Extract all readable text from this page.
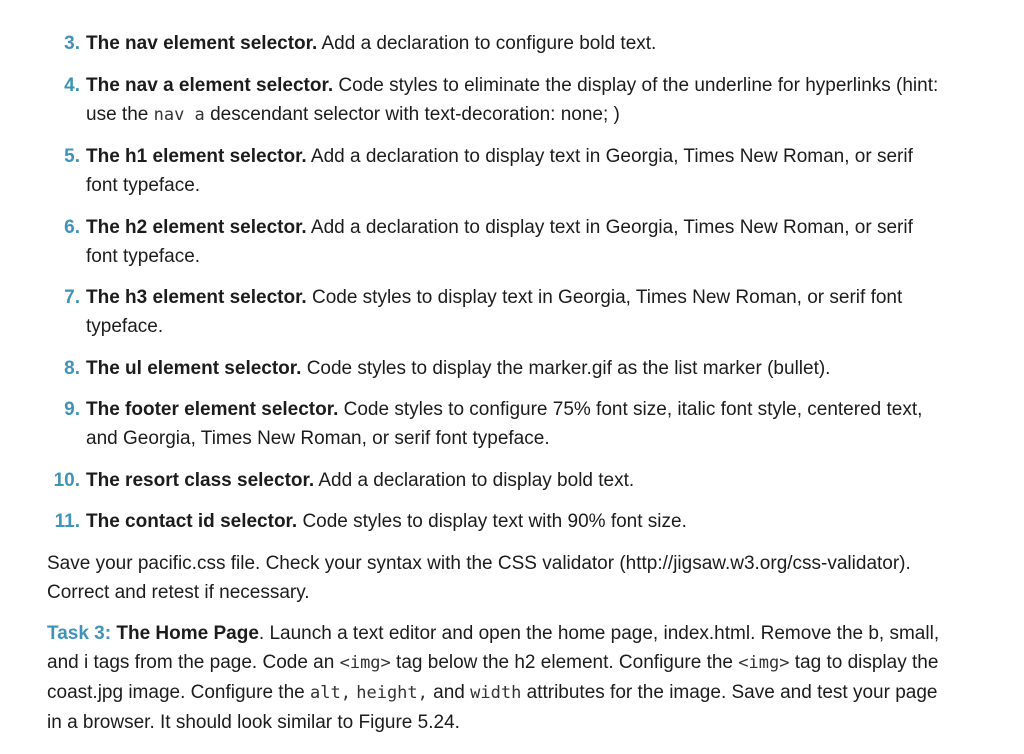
3. The nav element selector. Add a declaration to configure bold text.
4. The nav a element selector. Code styles to eliminate the display of the underline for hyperlinks (hint: use the nav a descendant selector with text-decoration: none; )
5. The h1 element selector. Add a declaration to display text in Georgia, Times New Roman, or serif font typeface.
6. The h2 element selector. Add a declaration to display text in Georgia, Times New Roman, or serif font typeface.
7. The h3 element selector. Code styles to display text in Georgia, Times New Roman, or serif font typeface.
8. The ul element selector. Code styles to display the marker.gif as the list marker (bullet).
9. The footer element selector. Code styles to configure 75% font size, italic font style, centered text, and Georgia, Times New Roman, or serif font typeface.
10. The resort class selector. Add a declaration to display bold text.
11. The contact id selector. Code styles to display text with 90% font size.

Save your pacific.css file. Check your syntax with the CSS validator (http://jigsaw.w3.org/css-validator). Correct and retest if necessary.

Task 3: The Home Page. Launch a text editor and open the home page, index.html. Remove the b, small, and i tags from the page. Code an <img> tag below the h2 element. Configure the <img> tag to display the coast.jpg image. Configure the alt, height, and width attributes for the image. Save and test your page in a browser. It should look similar to Figure 5.24.
